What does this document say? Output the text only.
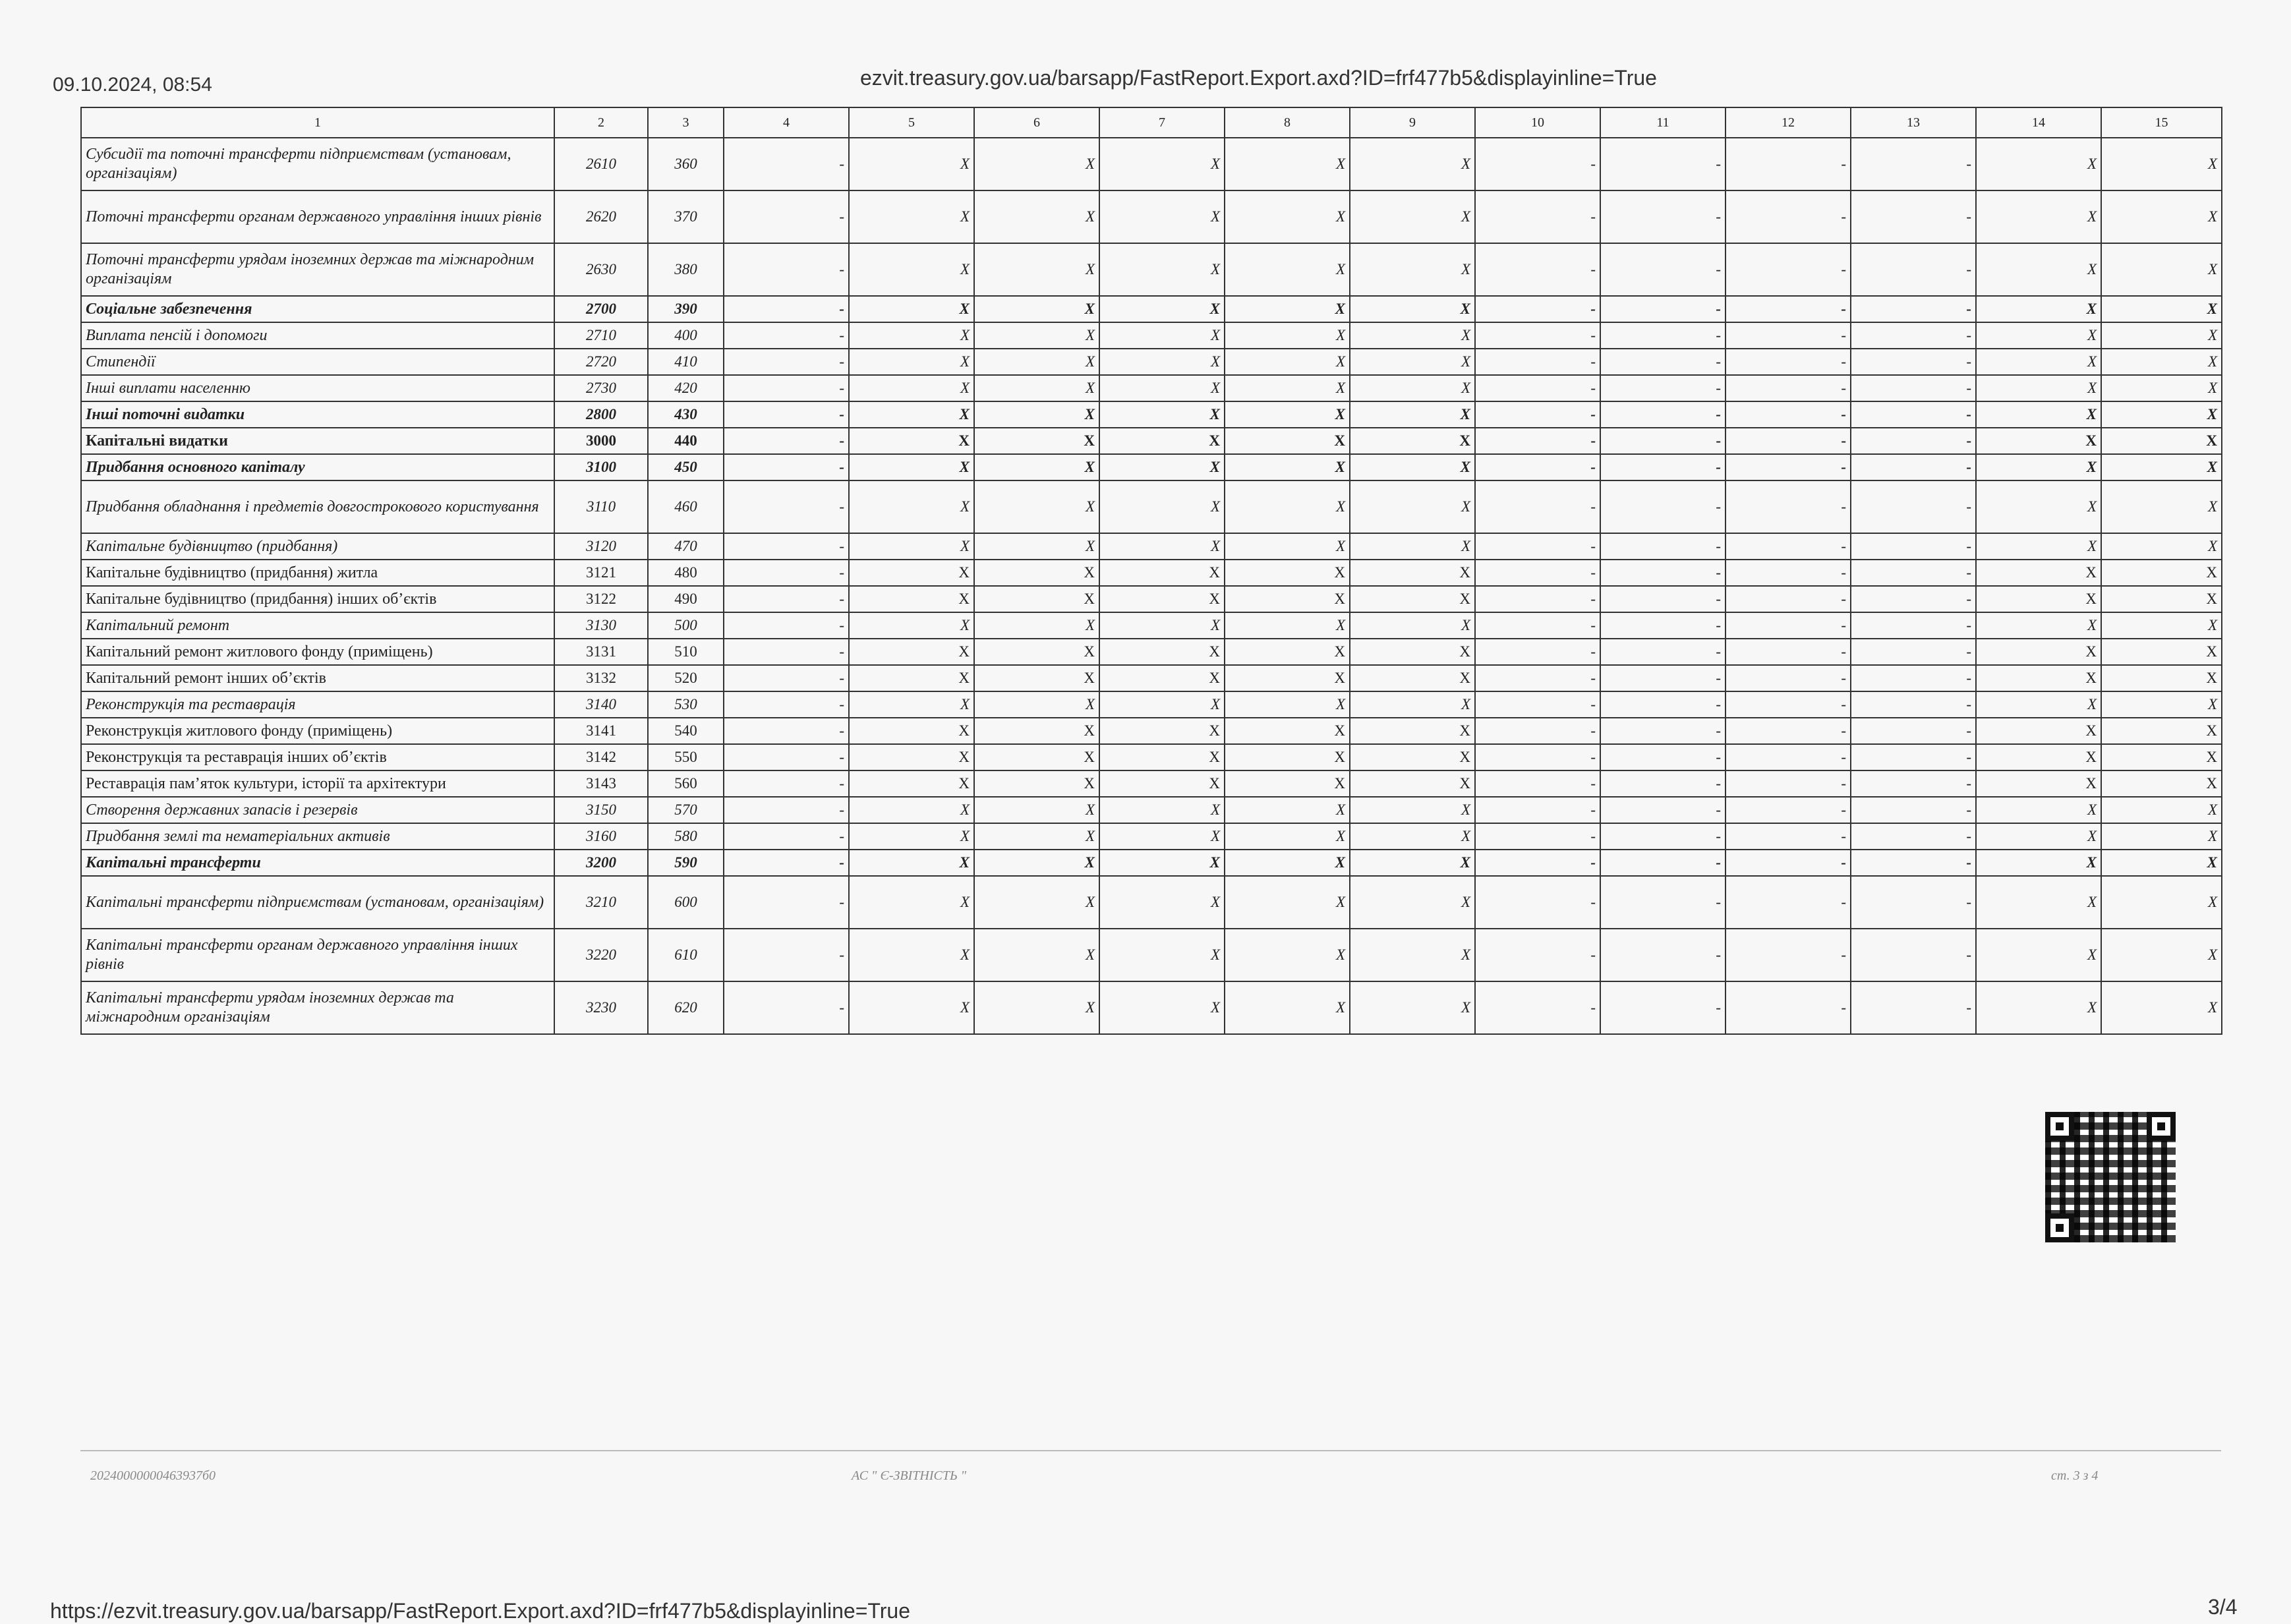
09.10.2024, 08:54	ezvit.treasury.gov.ua/barsapp/FastReport.Export.axd?ID=frf477b5&displayinline=True
1	2	3	4	5	6	7	8	9	10	11	12	13	14	15
Субсидії та поточні трансферти підприємствам (установам, організаціям)	2610	360	-	X	X	X	X	X	-	-	-	-	X	X
Поточні трансферти органам державного управління інших рівнів	2620	370	-	X	X	X	X	X	-	-	-	-	X	X
Поточні трансферти урядам іноземних держав та міжнародним організаціям	2630	380	-	X	X	X	X	X	-	-	-	-	X	X
Соціальне забезпечення	2700	390	-	X	X	X	X	X	-	-	-	-	X	X
Виплата пенсій і допомоги	2710	400	-	X	X	X	X	X	-	-	-	-	X	X
Стипендії	2720	410	-	X	X	X	X	X	-	-	-	-	X	X
Інші виплати населенню	2730	420	-	X	X	X	X	X	-	-	-	-	X	X
Інші поточні видатки	2800	430	-	X	X	X	X	X	-	-	-	-	X	X
Капітальні видатки	3000	440	-	X	X	X	X	X	-	-	-	-	X	X
Придбання основного капіталу	3100	450	-	X	X	X	X	X	-	-	-	-	X	X
Придбання обладнання і предметів довгострокового користування	3110	460	-	X	X	X	X	X	-	-	-	-	X	X
Капітальне будівництво (придбання)	3120	470	-	X	X	X	X	X	-	-	-	-	X	X
Капітальне будівництво (придбання) житла	3121	480	-	X	X	X	X	X	-	-	-	-	X	X
Капітальне будівництво (придбання) інших об’єктів	3122	490	-	X	X	X	X	X	-	-	-	-	X	X
Капітальний ремонт	3130	500	-	X	X	X	X	X	-	-	-	-	X	X
Капітальний ремонт житлового фонду (приміщень)	3131	510	-	X	X	X	X	X	-	-	-	-	X	X
Капітальний ремонт інших об’єктів	3132	520	-	X	X	X	X	X	-	-	-	-	X	X
Реконструкція та реставрація	3140	530	-	X	X	X	X	X	-	-	-	-	X	X
Реконструкція житлового фонду (приміщень)	3141	540	-	X	X	X	X	X	-	-	-	-	X	X
Реконструкція та реставрація інших об’єктів	3142	550	-	X	X	X	X	X	-	-	-	-	X	X
Реставрація пам’яток культури, історії та архітектури	3143	560	-	X	X	X	X	X	-	-	-	-	X	X
Створення державних запасів і резервів	3150	570	-	X	X	X	X	X	-	-	-	-	X	X
Придбання землі та нематеріальних активів	3160	580	-	X	X	X	X	X	-	-	-	-	X	X
Капітальні трансферти	3200	590	-	X	X	X	X	X	-	-	-	-	X	X
Капітальні трансферти підприємствам (установам, організаціям)	3210	600	-	X	X	X	X	X	-	-	-	-	X	X
Капітальні трансферти органам державного управління інших рівнів	3220	610	-	X	X	X	X	X	-	-	-	-	X	X
Капітальні трансферти урядам іноземних держав та міжнародним організаціям	3230	620	-	X	X	X	X	X	-	-	-	-	X	X
20240000000463937б0	АС " Є-ЗВІТНІСТЬ "	ст. 3 з 4
https://ezvit.treasury.gov.ua/barsapp/FastReport.Export.axd?ID=frf477b5&displayinline=True	3/4
